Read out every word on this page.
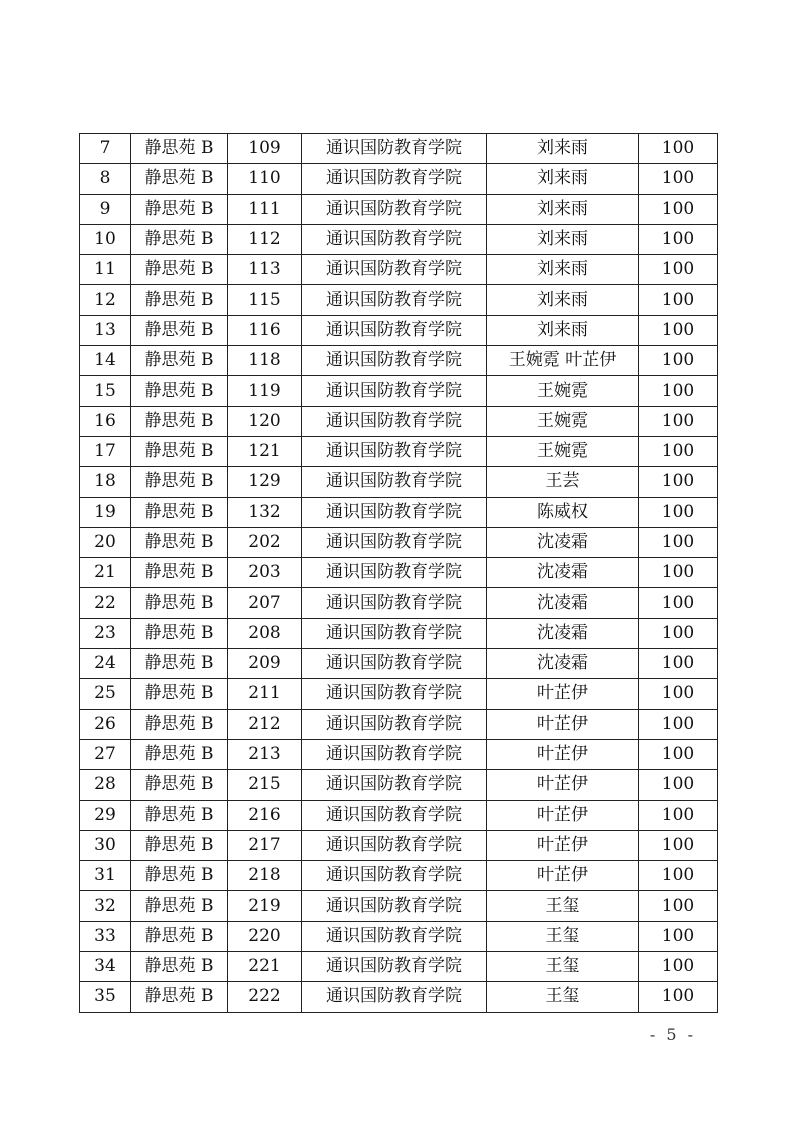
7	静思苑 B	109	通识国防教育学院	刘来雨	100
8	静思苑 B	110	通识国防教育学院	刘来雨	100
9	静思苑 B	111	通识国防教育学院	刘来雨	100
10	静思苑 B	112	通识国防教育学院	刘来雨	100
11	静思苑 B	113	通识国防教育学院	刘来雨	100
12	静思苑 B	115	通识国防教育学院	刘来雨	100
13	静思苑 B	116	通识国防教育学院	刘来雨	100
14	静思苑 B	118	通识国防教育学院	王婉霓 叶芷伊	100
15	静思苑 B	119	通识国防教育学院	王婉霓	100
16	静思苑 B	120	通识国防教育学院	王婉霓	100
17	静思苑 B	121	通识国防教育学院	王婉霓	100
18	静思苑 B	129	通识国防教育学院	王芸	100
19	静思苑 B	132	通识国防教育学院	陈威权	100
20	静思苑 B	202	通识国防教育学院	沈凌霜	100
21	静思苑 B	203	通识国防教育学院	沈凌霜	100
22	静思苑 B	207	通识国防教育学院	沈凌霜	100
23	静思苑 B	208	通识国防教育学院	沈凌霜	100
24	静思苑 B	209	通识国防教育学院	沈凌霜	100
25	静思苑 B	211	通识国防教育学院	叶芷伊	100
26	静思苑 B	212	通识国防教育学院	叶芷伊	100
27	静思苑 B	213	通识国防教育学院	叶芷伊	100
28	静思苑 B	215	通识国防教育学院	叶芷伊	100
29	静思苑 B	216	通识国防教育学院	叶芷伊	100
30	静思苑 B	217	通识国防教育学院	叶芷伊	100
31	静思苑 B	218	通识国防教育学院	叶芷伊	100
32	静思苑 B	219	通识国防教育学院	王玺	100
33	静思苑 B	220	通识国防教育学院	王玺	100
34	静思苑 B	221	通识国防教育学院	王玺	100
35	静思苑 B	222	通识国防教育学院	王玺	100
- 5 -
